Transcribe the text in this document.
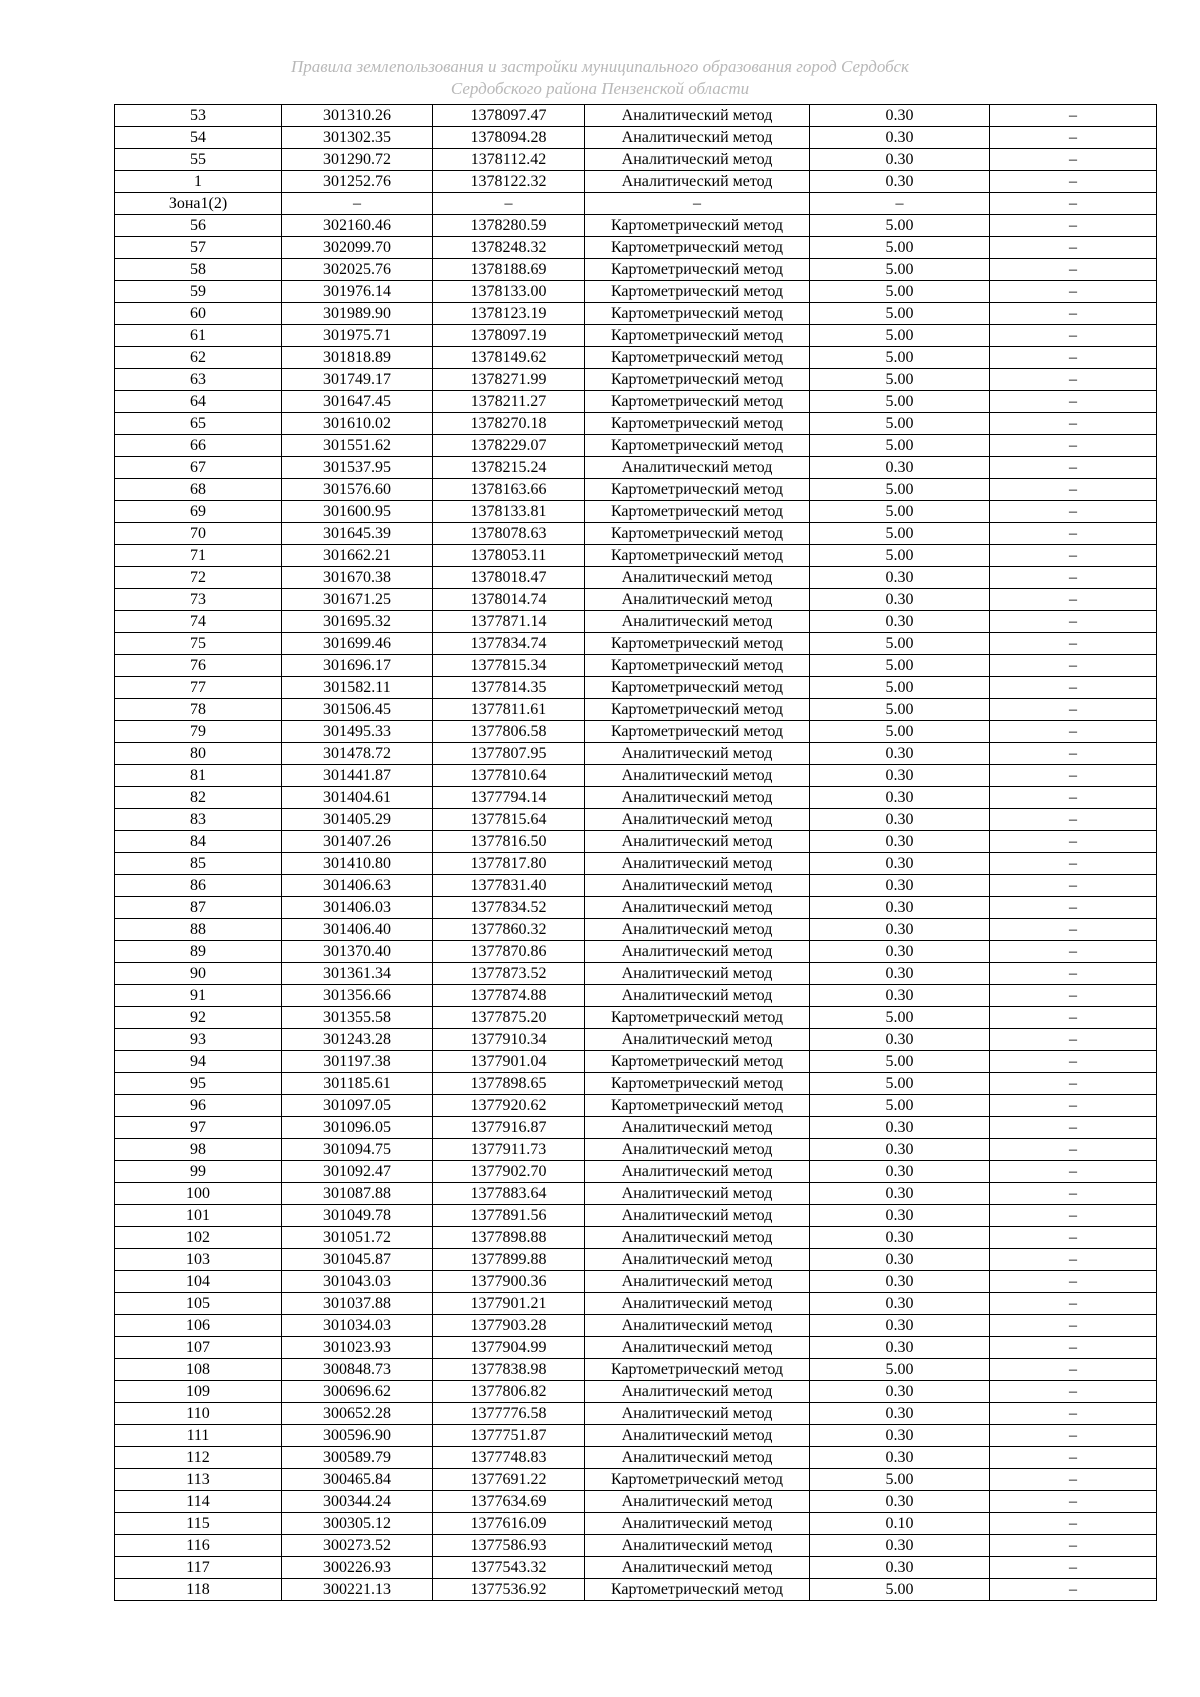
Правила землепользования и застройки муниципального образования город Сердобск
Сердобского района Пензенской области
53	301310.26	1378097.47	Аналитический метод	0.30	–
54	301302.35	1378094.28	Аналитический метод	0.30	–
55	301290.72	1378112.42	Аналитический метод	0.30	–
1	301252.76	1378122.32	Аналитический метод	0.30	–
Зона1(2)	–	–	–	–	–
56	302160.46	1378280.59	Картометрический метод	5.00	–
57	302099.70	1378248.32	Картометрический метод	5.00	–
58	302025.76	1378188.69	Картометрический метод	5.00	–
59	301976.14	1378133.00	Картометрический метод	5.00	–
60	301989.90	1378123.19	Картометрический метод	5.00	–
61	301975.71	1378097.19	Картометрический метод	5.00	–
62	301818.89	1378149.62	Картометрический метод	5.00	–
63	301749.17	1378271.99	Картометрический метод	5.00	–
64	301647.45	1378211.27	Картометрический метод	5.00	–
65	301610.02	1378270.18	Картометрический метод	5.00	–
66	301551.62	1378229.07	Картометрический метод	5.00	–
67	301537.95	1378215.24	Аналитический метод	0.30	–
68	301576.60	1378163.66	Картометрический метод	5.00	–
69	301600.95	1378133.81	Картометрический метод	5.00	–
70	301645.39	1378078.63	Картометрический метод	5.00	–
71	301662.21	1378053.11	Картометрический метод	5.00	–
72	301670.38	1378018.47	Аналитический метод	0.30	–
73	301671.25	1378014.74	Аналитический метод	0.30	–
74	301695.32	1377871.14	Аналитический метод	0.30	–
75	301699.46	1377834.74	Картометрический метод	5.00	–
76	301696.17	1377815.34	Картометрический метод	5.00	–
77	301582.11	1377814.35	Картометрический метод	5.00	–
78	301506.45	1377811.61	Картометрический метод	5.00	–
79	301495.33	1377806.58	Картометрический метод	5.00	–
80	301478.72	1377807.95	Аналитический метод	0.30	–
81	301441.87	1377810.64	Аналитический метод	0.30	–
82	301404.61	1377794.14	Аналитический метод	0.30	–
83	301405.29	1377815.64	Аналитический метод	0.30	–
84	301407.26	1377816.50	Аналитический метод	0.30	–
85	301410.80	1377817.80	Аналитический метод	0.30	–
86	301406.63	1377831.40	Аналитический метод	0.30	–
87	301406.03	1377834.52	Аналитический метод	0.30	–
88	301406.40	1377860.32	Аналитический метод	0.30	–
89	301370.40	1377870.86	Аналитический метод	0.30	–
90	301361.34	1377873.52	Аналитический метод	0.30	–
91	301356.66	1377874.88	Аналитический метод	0.30	–
92	301355.58	1377875.20	Картометрический метод	5.00	–
93	301243.28	1377910.34	Аналитический метод	0.30	–
94	301197.38	1377901.04	Картометрический метод	5.00	–
95	301185.61	1377898.65	Картометрический метод	5.00	–
96	301097.05	1377920.62	Картометрический метод	5.00	–
97	301096.05	1377916.87	Аналитический метод	0.30	–
98	301094.75	1377911.73	Аналитический метод	0.30	–
99	301092.47	1377902.70	Аналитический метод	0.30	–
100	301087.88	1377883.64	Аналитический метод	0.30	–
101	301049.78	1377891.56	Аналитический метод	0.30	–
102	301051.72	1377898.88	Аналитический метод	0.30	–
103	301045.87	1377899.88	Аналитический метод	0.30	–
104	301043.03	1377900.36	Аналитический метод	0.30	–
105	301037.88	1377901.21	Аналитический метод	0.30	–
106	301034.03	1377903.28	Аналитический метод	0.30	–
107	301023.93	1377904.99	Аналитический метод	0.30	–
108	300848.73	1377838.98	Картометрический метод	5.00	–
109	300696.62	1377806.82	Аналитический метод	0.30	–
110	300652.28	1377776.58	Аналитический метод	0.30	–
111	300596.90	1377751.87	Аналитический метод	0.30	–
112	300589.79	1377748.83	Аналитический метод	0.30	–
113	300465.84	1377691.22	Картометрический метод	5.00	–
114	300344.24	1377634.69	Аналитический метод	0.30	–
115	300305.12	1377616.09	Аналитический метод	0.10	–
116	300273.52	1377586.93	Аналитический метод	0.30	–
117	300226.93	1377543.32	Аналитический метод	0.30	–
118	300221.13	1377536.92	Картометрический метод	5.00	–
